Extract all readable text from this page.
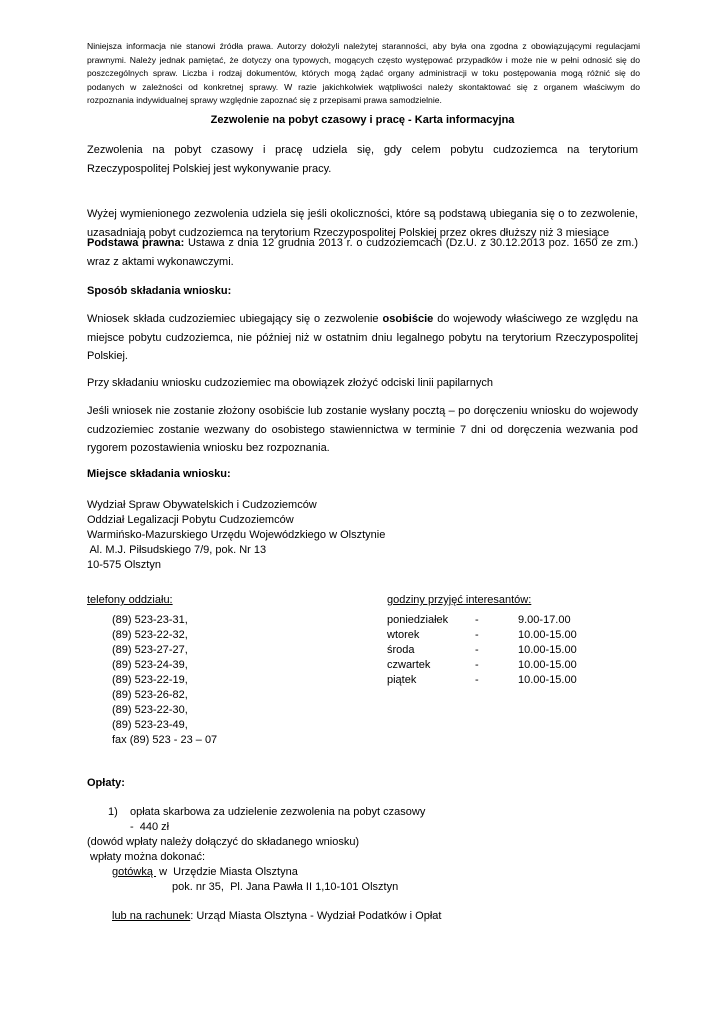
Niniejsza informacja nie stanowi źródła prawa. Autorzy dołożyli należytej staranności, aby była ona zgodna z obowiązującymi regulacjami
prawnymi. Należy jednak pamiętać, że dotyczy ona typowych, mogących często występować przypadków i może nie w pełni odnosić się do
poszczególnych spraw. Liczba i rodzaj dokumentów, których mogą żądać organy administracji w toku postępowania mogą różnić się do
podanych w zależności od konkretnej sprawy. W razie jakichkolwiek wątpliwości należy skontaktować się z organem właściwym do
rozpoznania indywidualnej sprawy względnie zapoznać się z przepisami prawa samodzielnie.
Zezwolenie na pobyt czasowy i pracę - Karta informacyjna
Zezwolenia na pobyt czasowy i pracę udziela się, gdy celem pobytu cudzoziemca na terytorium
Rzeczypospolitej Polskiej jest wykonywanie pracy.
Wyżej wymienionego zezwolenia udziela się jeśli okoliczności, które są podstawą ubiegania się o to zezwolenie,
uzasadniają pobyt cudzoziemca na terytorium Rzeczypospolitej Polskiej przez okres dłuższy niż 3 miesiące
Podstawa prawna: Ustawa z dnia 12 grudnia 2013 r. o cudzoziemcach (Dz.U. z 30.12.2013 poz. 1650 ze zm.)
wraz z aktami wykonawczymi.
Sposób składania wniosku:
Wniosek składa cudzoziemiec ubiegający się o zezwolenie osobiście do wojewody właściwego ze względu na
miejsce pobytu cudzoziemca, nie później niż w ostatnim dniu legalnego pobytu na terytorium Rzeczypospolitej
Polskiej.
Przy składaniu wniosku cudzoziemiec ma obowiązek złożyć odciski linii papilarnych
Jeśli wniosek nie zostanie złożony osobiście lub zostanie wysłany pocztą – po doręczeniu wniosku do wojewody
cudzoziemiec zostanie wezwany do osobistego stawiennictwa w terminie 7 dni od doręczenia wezwania pod
rygorem pozostawienia wniosku bez rozpoznania.
Miejsce składania wniosku:
Wydział Spraw Obywatelskich i Cudzoziemców
Oddział Legalizacji Pobytu Cudzoziemców
Warmińsko-Mazurskiego Urzędu Wojewódzkiego w Olsztynie
Al. M.J. Piłsudskiego 7/9, pok. Nr 13
10-575 Olsztyn
telefony oddziału:	godziny przyjęć interesantów:
(89) 523-23-31,
(89) 523-22-32,
(89) 523-27-27,
(89) 523-24-39,
(89) 523-22-19,
(89) 523-26-82,
(89) 523-22-30,
(89) 523-23-49,
fax (89) 523 - 23 – 07
poniedziałek -	9.00-17.00
wtorek	-	10.00-15.00
środa	-	10.00-15.00
czwartek	-	10.00-15.00
piątek	-	10.00-15.00
Opłaty:
1)    opłata skarbowa za udzielenie zezwolenia na pobyt czasowy
-  440 zł
(dowód wpłaty należy dołączyć do składanego wniosku)
wpłaty można dokonać:
gotówką  w  Urzędzie Miasta Olsztyna
pok. nr 35,  Pl. Jana Pawła II 1,10-101 Olsztyn
lub na rachunek: Urząd Miasta Olsztyna - Wydział Podatków i Opłat
